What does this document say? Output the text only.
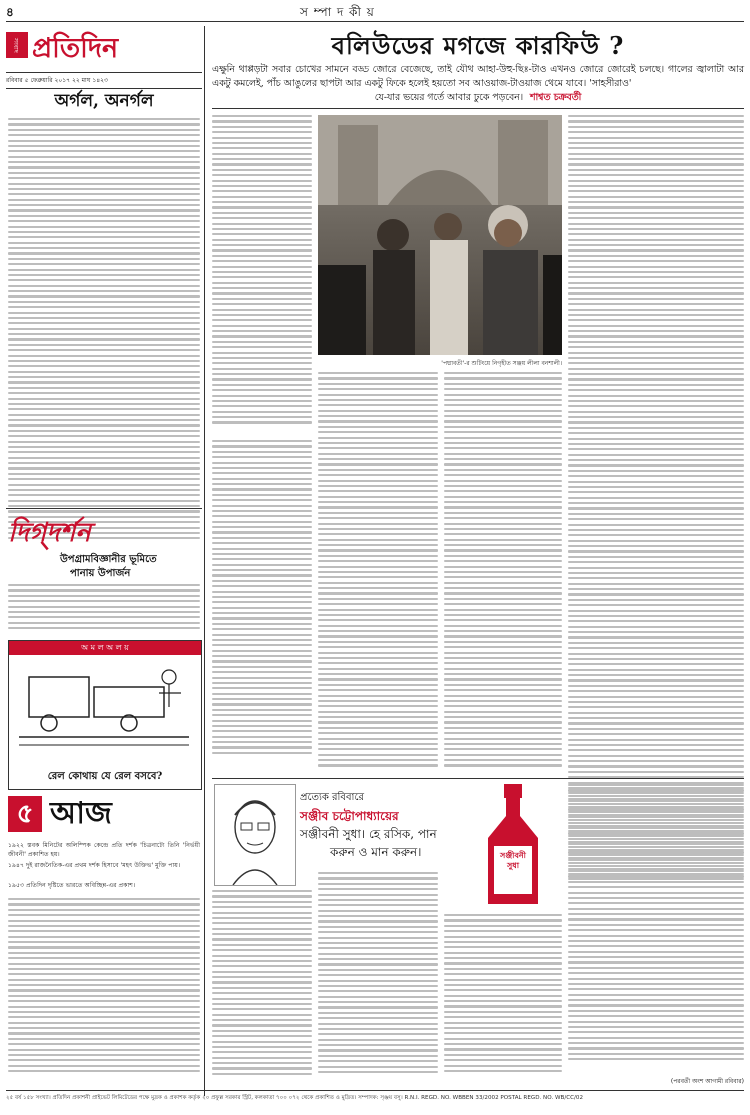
৪	স ম্পা দ কী য়
সংবাদ প্রতিদিন
রবিবার ৫ ফেব্রুয়ারি ২০১৭ ২২ মাঘ ১৪২৩
অর্গল, অনর্গল
বলিউডের মগজে কারফিউ ?
এক্ষুনি থাপ্পড়টা সবার চোখের সামনে বড্ড জোরে বেজেছে, তাই যৌথ আহা-উহু-ছিঃ-টাও এখনও জোরে জোরেই চলছে। গালের জ্বালাটা আর একটু কমলেই, পাঁচ আঙুলের ছাপটা আর একটু ফিকে হলেই হয়তো সব আওয়াজ-টাওয়াজ থেমে যাবে। 'সাহসীরাও'
যে-যার ভয়ের গর্তে আবার ঢুকে পড়বেন। শাশ্বত চক্রবর্তী
'পদ্মাবতী'-র শুটিংয়ে নিগৃহীত সঞ্জয় লীলা বনশালী।
দিগ্‌দর্শন
উপগ্রামবিজ্ঞানীর ভূমিতে
পানায় উপার্জন
অ ম ল অ ল য়
রেল কোথায় যে রেল বসবে?
৫ আজ
১৯২২ স্তবক মিনিটের অলিম্পিক কেন্দ্রে প্রতি দর্শক 'চিত্রনাট্যে তিনি 'নির্ভয়ী জীবনী' প্রকাশিত হয়।
১৯৪৭ দুই রাজনৈতিক-এর প্রথম দর্শক হিসাবে 'মহৎ উক্তিভ' মুক্তি পায়।
১৯৫৩ প্রতিদিন দৃষ্টিতে ভারতে অবিচ্ছিন্ন-এর প্রকাশ।
প্রত্যেক রবিবারে
সঞ্জীব চট্টোপাধ্যায়ের
সঞ্জীবনী সুধা। হে রসিক, পান
করুন ও মান করুন।	সঞ্জীবনী সুধা
(পরবর্তী অংশ আগামী রবিবার)
২৫ বর্ষ ১৫৮ সংখ্যা। প্রতিদিন প্রকাশনী প্রাইভেট লিমিটেডের পক্ষে মুদ্রক ও প্রকাশক কর্তৃক ২০ প্রফুল্ল সরকার স্ট্রিট, কলকাতা ৭০০ ০৭২ থেকে প্রকাশিত ও মুদ্রিত। সম্পাদক: সৃঞ্জয় বসু। R.N.I. REGD. NO. WBBEN 33/2002 POSTAL REGD. NO. WB/CC/02
